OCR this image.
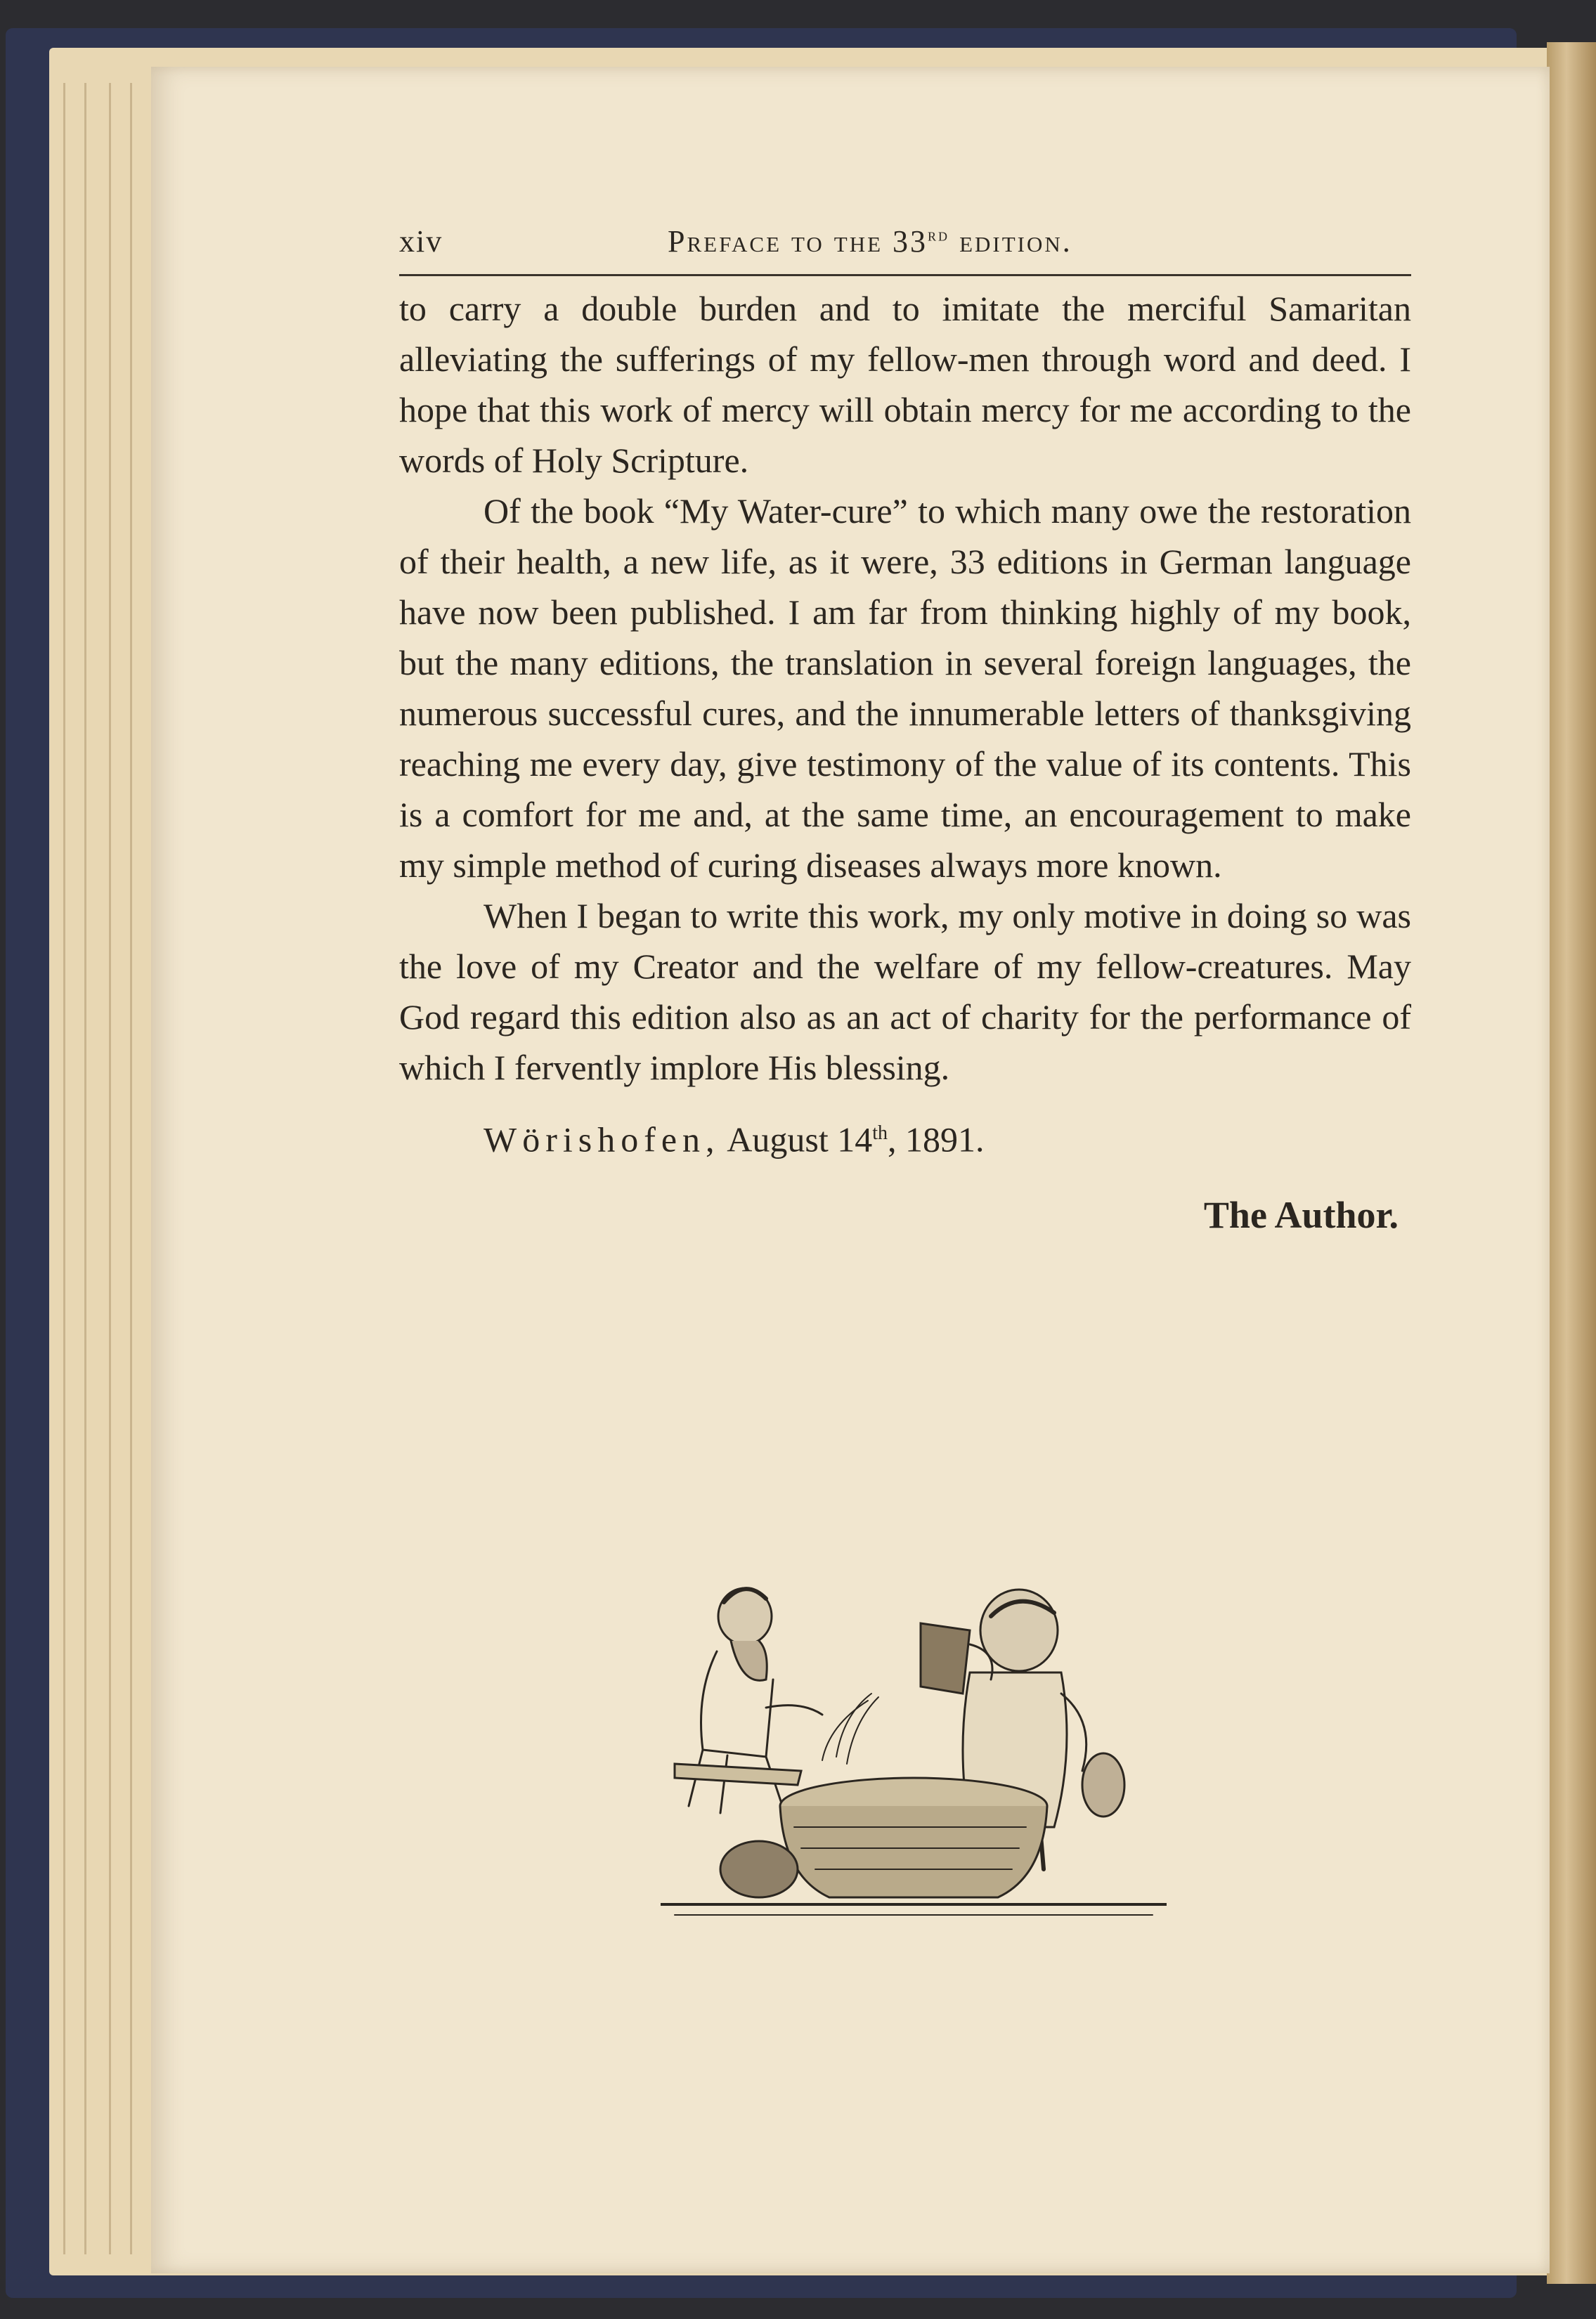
xiv	Preface to the 33rd edition.

to carry a double burden and to imitate the merciful Samaritan alleviating the sufferings of my fellow-men through word and deed. I hope that this work of mercy will obtain mercy for me according to the words of Holy Scripture.

Of the book “My Water-cure” to which many owe the restoration of their health, a new life, as it were, 33 editions in German language have now been published. I am far from thinking highly of my book, but the many editions, the translation in several foreign languages, the numerous successful cures, and the innumerable letters of thanksgiving reaching me every day, give testimony of the value of its contents. This is a comfort for me and, at the same time, an encouragement to make my simple method of curing diseases always more known.

When I began to write this work, my only motive in doing so was the love of my Creator and the welfare of my fellow-creatures. May God regard this edition also as an act of charity for the performance of which I fervently implore His blessing.

Wörishofen, August 14th, 1891.
The Author.
